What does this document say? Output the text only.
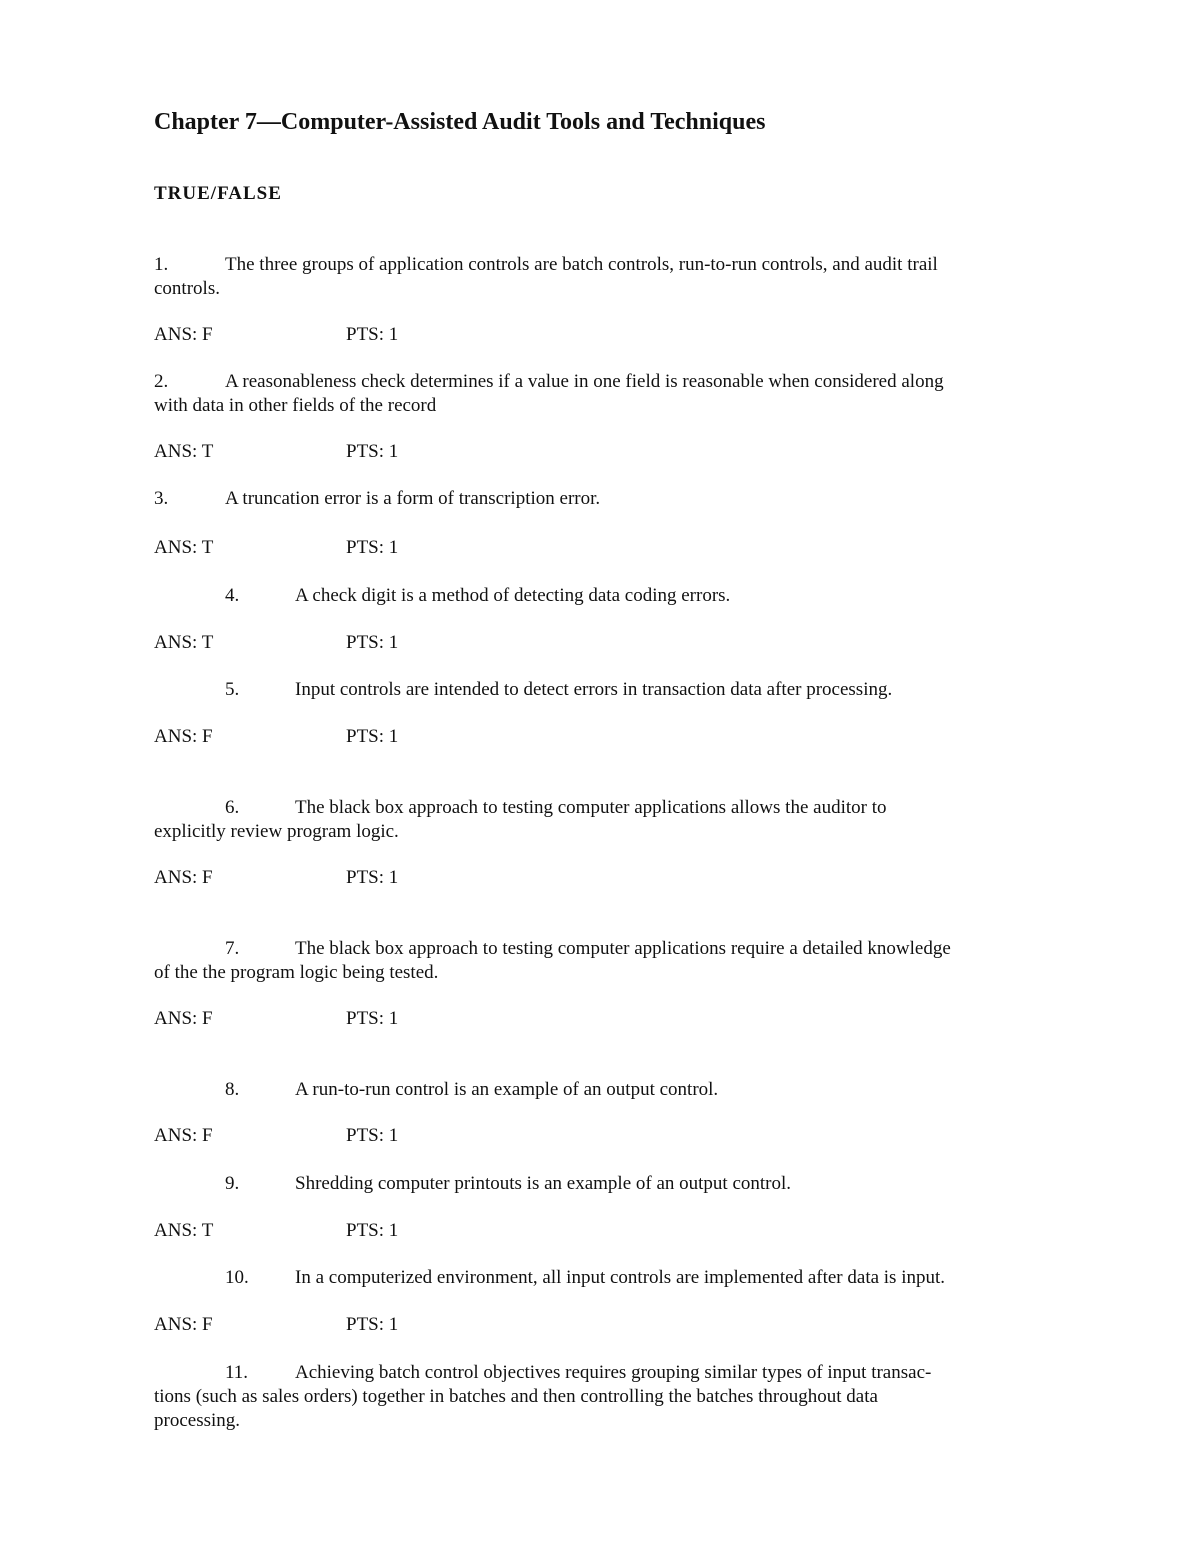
Chapter 7—Computer-Assisted Audit Tools and Techniques
TRUE/FALSE
1.	The three groups of application controls are batch controls, run-to-run controls, and audit trail
controls.
ANS: F	PTS: 1
2.	A reasonableness check determines if a value in one field is reasonable when considered along
with data in other fields of the record
ANS: T	PTS: 1
3.	A truncation error is a form of transcription error.
ANS: T	PTS: 1
4.	A check digit is a method of detecting data coding errors.
ANS: T	PTS: 1
5.	Input controls are intended to detect errors in transaction data after processing.
ANS: F	PTS: 1
6.	The black box approach to testing computer applications allows the auditor to
explicitly review program logic.
ANS: F	PTS: 1
7.	The black box approach to testing computer applications require a detailed knowledge
of the the program logic being tested.
ANS: F	PTS: 1
8.	A run-to-run control is an example of an output control.
ANS: F	PTS: 1
9.	Shredding computer printouts is an example of an output control.
ANS: T	PTS: 1
10. In a computerized environment, all input controls are implemented after data is input.
ANS: F	PTS: 1
11. Achieving batch control objectives requires grouping similar types of input transac-
tions (such as sales orders) together in batches and then controlling the batches throughout data
processing.
